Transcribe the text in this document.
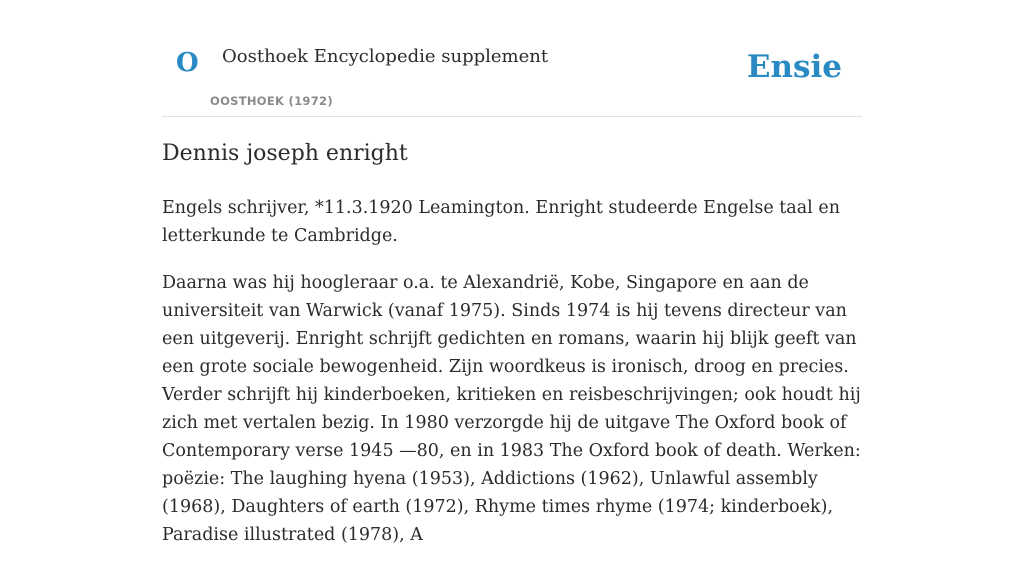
O Oosthoek Encyclopedie supplement
OOSTHOEK (1972)
Ensie
Dennis joseph enright

Engels schrijver, *11.3.1920 Leamington. Enright studeerde Engelse taal en letterkunde te Cambridge.

Daarna was hij hoogleraar o.a. te Alexandrië, Kobe, Singapore en aan de universiteit van Warwick (vanaf 1975). Sinds 1974 is hij tevens directeur van een uitgeverij. Enright schrijft gedichten en romans, waarin hij blijk geeft van een grote sociale bewogenheid. Zijn woordkeus is ironisch, droog en precies. Verder schrijft hij kinderboeken, kritieken en reisbeschrijvingen; ook houdt hij zich met vertalen bezig. In 1980 verzorgde hij de uitgave The Oxford book of Contemporary verse 1945 —80, en in 1983 The Oxford book of death. Werken: poëzie: The laughing hyena (1953), Addictions (1962), Unlawful assembly (1968), Daughters of earth (1972), Rhyme times rhyme (1974; kinderboek), Paradise illustrated (1978), A
